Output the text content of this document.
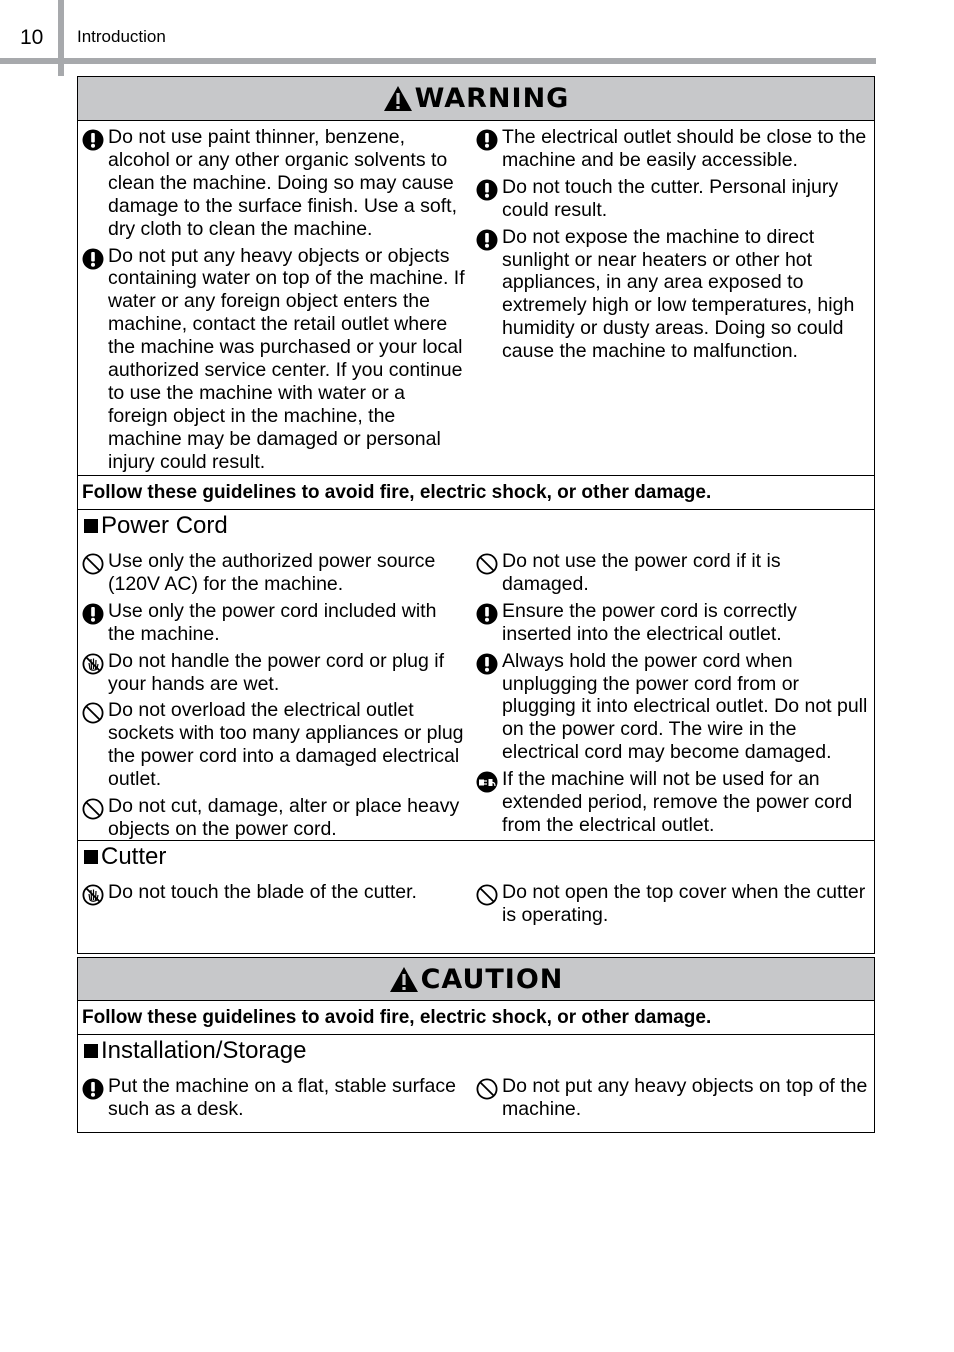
10 Introduction
WARNING
Do not use paint thinner, benzene, alcohol or any other organic solvents to clean the machine. Doing so may cause damage to the surface finish. Use a soft, dry cloth to clean the machine.
Do not put any heavy objects or objects containing water on top of the machine. If water or any foreign object enters the machine, contact the retail outlet where the machine was purchased or your local authorized service center. If you continue to use the machine with water or a foreign object in the machine, the machine may be damaged or personal injury could result.
The electrical outlet should be close to the machine and be easily accessible.
Do not touch the cutter. Personal injury could result.
Do not expose the machine to direct sunlight or near heaters or other hot appliances, in any area exposed to extremely high or low temperatures, high humidity or dusty areas. Doing so could cause the machine to malfunction.
Follow these guidelines to avoid fire, electric shock, or other damage.
Power Cord
Use only the authorized power source (120V AC) for the machine.
Use only the power cord included with the machine.
Do not handle the power cord or plug if your hands are wet.
Do not overload the electrical outlet sockets with too many appliances or plug the power cord into a damaged electrical outlet.
Do not cut, damage, alter or place heavy objects on the power cord.
Do not use the power cord if it is damaged.
Ensure the power cord is correctly inserted into the electrical outlet.
Always hold the power cord when unplugging the power cord from or plugging it into electrical outlet. Do not pull on the power cord. The wire in the electrical cord may become damaged.
If the machine will not be used for an extended period, remove the power cord from the electrical outlet.
Cutter
Do not touch the blade of the cutter.	Do not open the top cover when the cutter is operating.
CAUTION
Follow these guidelines to avoid fire, electric shock, or other damage.
Installation/Storage
Put the machine on a flat, stable surface such as a desk.
Do not put any heavy objects on top of the machine.
